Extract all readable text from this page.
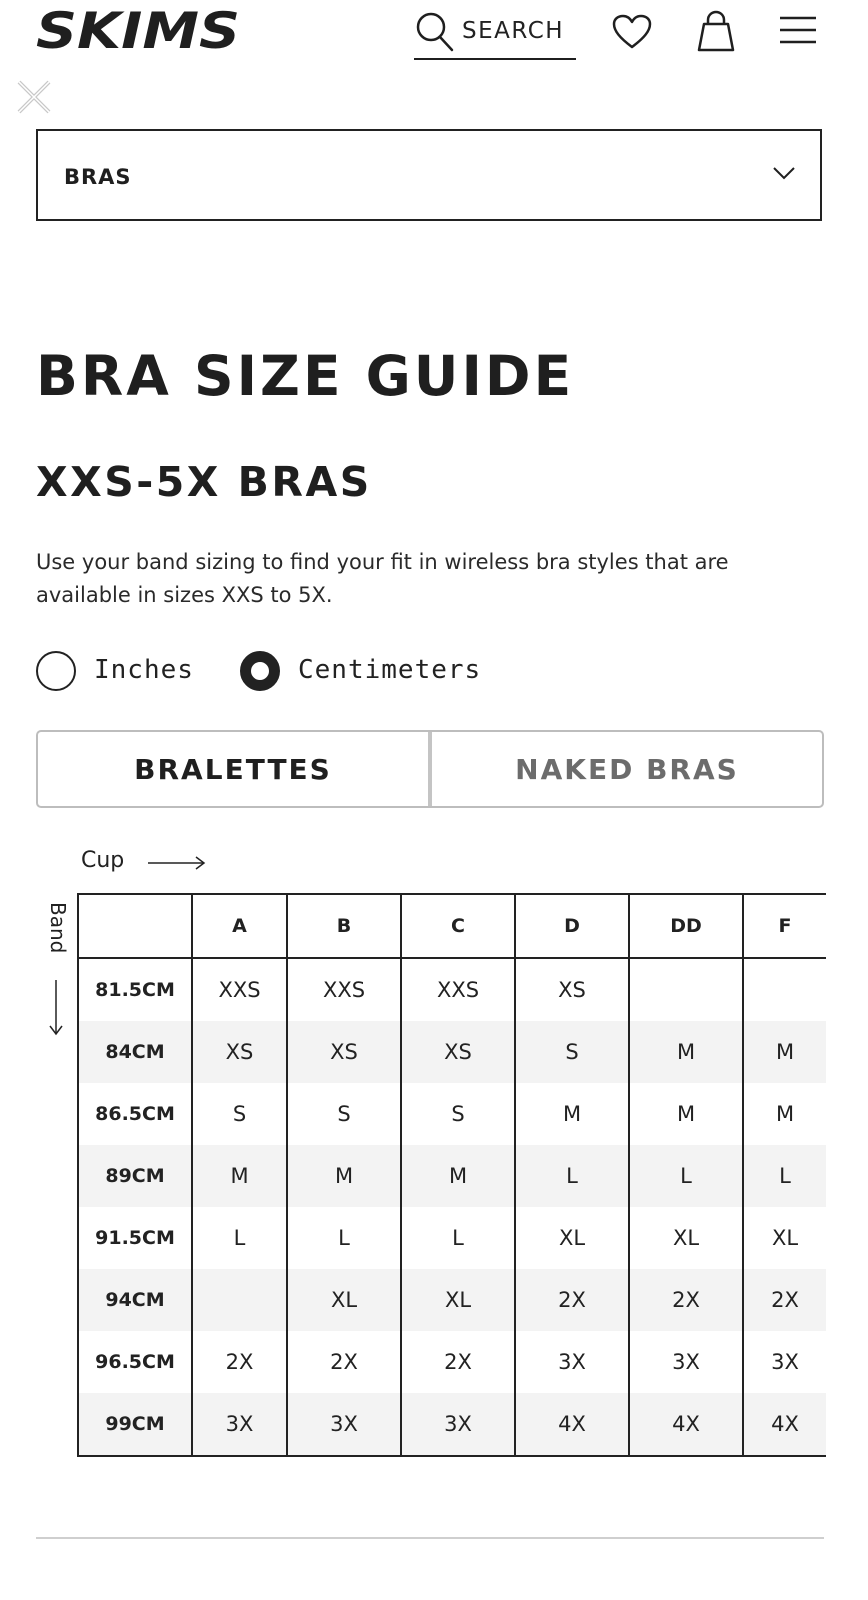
SKIMS	SEARCH
BRAS
BRA SIZE GUIDE
XXS-5X BRAS

Use your band sizing to find your fit in wireless bra styles that are available in sizes XXS to 5X.

Inches	Centimeters
BRALETTES	NAKED BRAS
Cup
Band
		A	B	C	D	DD	F
81.5CM	XXS	XXS	XXS	XS		
84CM	XS	XS	XS	S	M	M
86.5CM	S	S	S	M	M	M
89CM	M	M	M	L	L	L
91.5CM	L	L	L	XL	XL	XL
94CM		XL	XL	2X	2X	2X
96.5CM	2X	2X	2X	3X	3X	3X
99CM	3X	3X	3X	4X	4X	4X
